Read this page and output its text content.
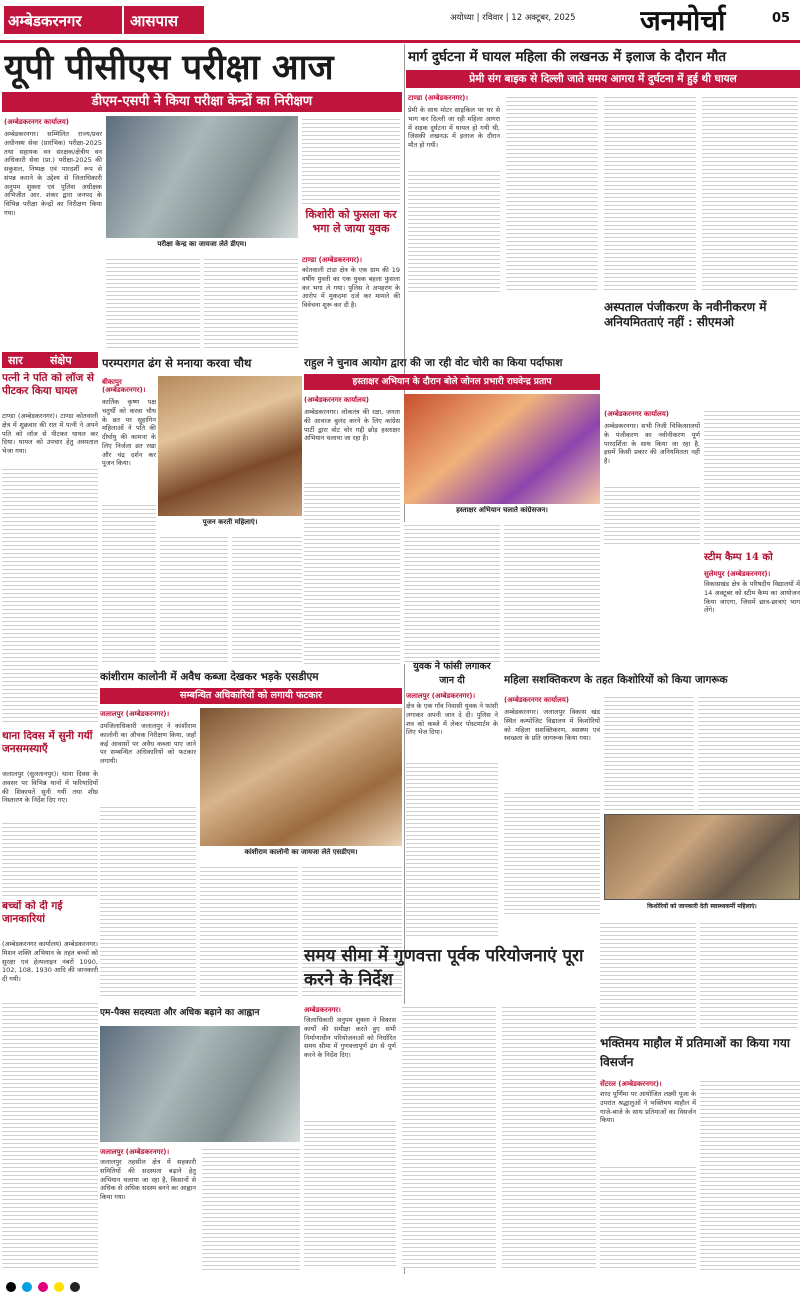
अम्बेडकरनगर	आसपास	अयोध्या | रविवार | 12 अक्टूबर, 2025	जनमोर्चा	05
यूपी पीसीएस परीक्षा आज
डीएम-एसपी ने किया परीक्षा केन्द्रों का निरीक्षण
(अम्बेडकरनगर कार्यालय)
अम्बेडकरनगर। सम्मिलित राज्य/प्रवर अधीनस्थ सेवा (प्रारंभिक) परीक्षा-2025 तथा सहायक वन संरक्षक/क्षेत्रीय वन अधिकारी सेवा (प्रा.) परीक्षा-2025 की सकुशल, निष्पक्ष एवं पारदर्शी रूप से संपन्न कराने के उद्देश्य से जिलाधिकारी अनुपम शुक्ला एवं पुलिस अधीक्षक अभिजीत आर. शंकर द्वारा जनपद के विभिन्न परीक्षा केन्द्रों का निरीक्षण किया गया।
परीक्षा केन्द्र का जायजा लेते डीएम।
किशोरी को फुसला कर भगा ले जाया युवक
टाण्डा (अम्बेडकरनगर)।
कोतवाली टांडा क्षेत्र के एक ग्राम की 19 वर्षीय युवती का एक युवक बहला फुसला कर भगा ले गया। पुलिस ने अपहरण के आरोप में मुकदमा दर्ज कर मामले की विवेचना शुरू कर दी है।
मार्ग दुर्घटना में घायल महिला की लखनऊ में इलाज के दौरान मौत
प्रेमी संग बाइक से दिल्ली जाते समय आगरा में दुर्घटना में हुई थी घायल
टाण्डा (अम्बेडकरनगर)।
प्रेमी के साथ मोटर साइकिल पर घर से भाग कर दिल्ली जा रही महिला आगरा में सड़क दुर्घटना में घायल हो गयी थी, जिसकी लखनऊ में इलाज के दौरान मौत हो गयी।
सार	संक्षेप
पत्नी ने पति को लॉज से पीटकर किया घायल
टाण्डा (अम्बेडकरनगर)। टाण्डा कोतवाली क्षेत्र में शुक्रवार की रात में पत्नी ने अपने पति को लॉज से पीटकर घायल कर दिया। घायल को उपचार हेतु अस्पताल भेजा गया।
थाना दिवस में सुनी गयीं जनसमस्याएँ
जलालपुर (सुलतानपुर)। थाना दिवस के अवसर पर विभिन्न थानों में फरियादियों की शिकायतें सुनी गयीं तथा शीघ्र निस्तारण के निर्देश दिए गए।
बच्चों को दी गई जानकारियां
(अम्बेडकरनगर कार्यालय) अम्बेडकरनगर। मिशन शक्ति अभियान के तहत बच्चों को सुरक्षा एवं हेल्पलाइन नंबरों 1090, 102, 108, 1930 आदि की जानकारी दी गयी।
परम्परागत ढंग से मनाया करवा चौथ
बीकापुर (अम्बेडकरनगर)।
कार्तिक कृष्ण पक्ष चतुर्थी को करवा चौथ के व्रत पर सुहागिन महिलाओं ने पति की दीर्घायु की कामना के लिए निर्जला व्रत रखा और चंद्र दर्शन कर पूजन किया।
पूजन करती महिलाएं।
राहुल ने चुनाव आयोग द्वारा की जा रही वोट चोरी का किया पर्दाफाश
हस्ताक्षर अभियान के दौरान बोले जोनल प्रभारी राघवेन्द्र प्रताप
(अम्बेडकरनगर कार्यालय)
अम्बेडकरनगर। लोकतंत्र की रक्षा, जनता की आवाज बुलंद करने के लिए कांग्रेस पार्टी द्वारा वोट चोर गद्दी छोड़ हस्ताक्षर अभियान चलाया जा रहा है।
हस्ताक्षर अभियान चलाते कांग्रेसजन।
अस्पताल पंजीकरण के नवीनीकरण में अनियमितताएं नहीं : सीएमओ
(अम्बेडकरनगर कार्यालय)
अम्बेडकरनगर। सभी निजी चिकित्सालयों के पंजीकरण का नवीनीकरण पूर्ण पारदर्शिता के साथ किया जा रहा है, इसमें किसी प्रकार की अनियमितता नहीं है।
स्टीम कैम्प 14 को
सुलेमपुर (अम्बेडकरनगर)।
विकासखंड क्षेत्र के परिषदीय विद्यालयों में 14 अक्टूबर को स्टीम कैम्प का आयोजन किया जाएगा, जिसमें छात्र-छात्राएं भाग लेंगे।
युवक ने फांसी लगाकर जान दी
जलालपुर (अम्बेडकरनगर)।
क्षेत्र के एक गाँव निवासी युवक ने फांसी लगाकर अपनी जान दे दी। पुलिस ने शव को कब्जे में लेकर पोस्टमार्टम के लिए भेज दिया।
कांशीराम कालोनी में अवैध कब्जा देखकर भड़के एसडीएम
सम्बन्धित अधिकारियों को लगायी फटकार
जलालपुर (अम्बेडकरनगर)।
उपजिलाधिकारी जलालपुर ने कांशीराम कालोनी का औचक निरीक्षण किया, जहाँ कई आवासों पर अवैध कब्जा पाए जाने पर सम्बन्धित अधिकारियों को फटकार लगायी।
कांशीराम कालोनी का जायजा लेते एसडीएम।
महिला सशक्तिकरण के तहत किशोरियों को किया जागरूक
(अम्बेडकरनगर कार्यालय)
अम्बेडकरनगर। जलालपुर विकास खंड स्थित कम्पोजिट विद्यालय में किशोरियों को महिला सशक्तिकरण, स्वास्थ्य एवं स्वच्छता के प्रति जागरूक किया गया।
किशोरियों को जानकारी देती स्वास्थ्यकर्मी महिलाएं।
एम-पैक्स सदस्यता और अधिक बढ़ाने का आह्वान
जलालपुर (अम्बेडकरनगर)।
जलालपुर तहसील क्षेत्र में सहकारी समितियों की सदस्यता बढ़ाने हेतु अभियान चलाया जा रहा है, किसानों से अधिक से अधिक सदस्य बनने का आह्वान किया गया।
समय सीमा में गुणवत्ता पूर्वक परियोजनाएं पूरा करने के निर्देश
अम्बेडकरनगर।
जिलाधिकारी अनुपम शुक्ला ने विकास कार्यों की समीक्षा करते हुए सभी निर्माणाधीन परियोजनाओं को निर्धारित समय सीमा में गुणवत्तापूर्ण ढंग से पूर्ण करने के निर्देश दिए।
भक्तिमय माहौल में प्रतिमाओं का किया गया विसर्जन
सेंटरल (अम्बेडकरनगर)।
शरद पूर्णिमा पर आयोजित लक्ष्मी पूजा के उपरांत श्रद्धालुओं ने भक्तिमय माहौल में गाजे-बाजे के साथ प्रतिमाओं का विसर्जन किया।
